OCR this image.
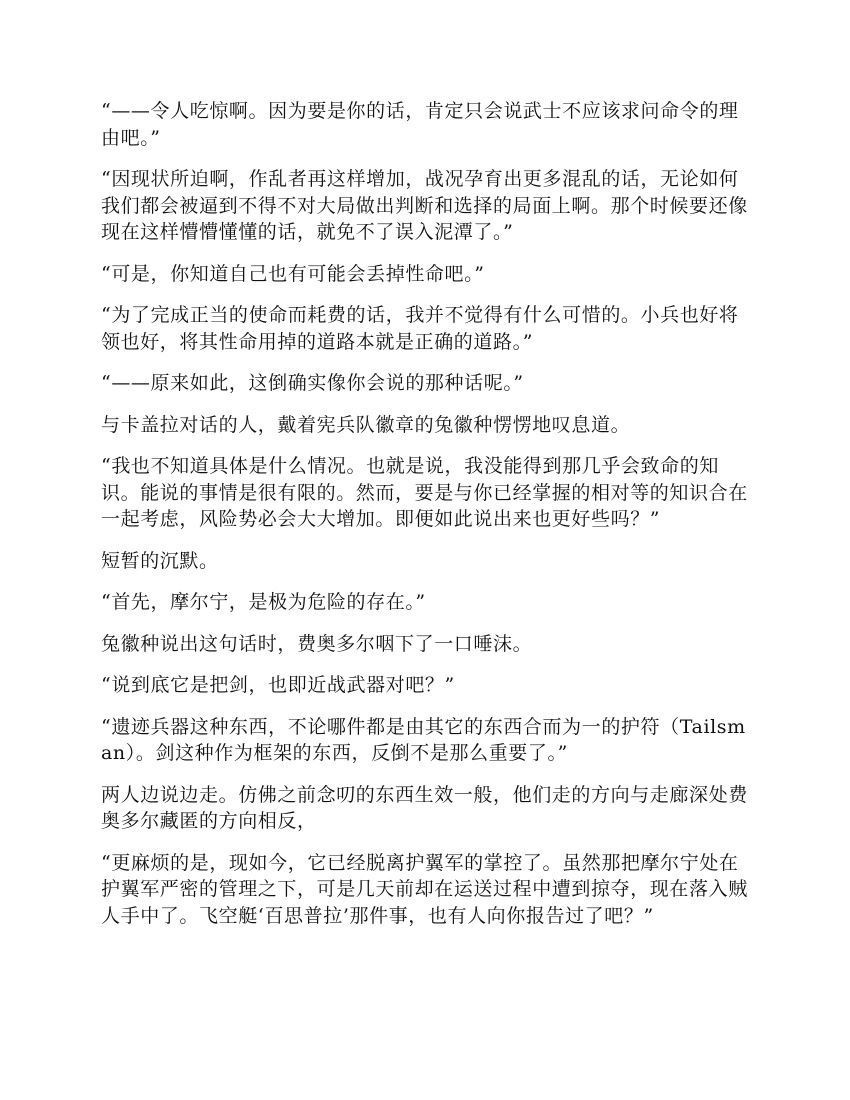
“——令人吃惊啊。因为要是你的话，肯定只会说武士不应该求问命令的理由吧。”

“因现状所迫啊，作乱者再这样增加，战况孕育出更多混乱的话，无论如何我们都会被逼到不得不对大局做出判断和选择的局面上啊。那个时候要还像现在这样懵懵懂懂的话，就免不了误入泥潭了。”

“可是，你知道自己也有可能会丢掉性命吧。”

“为了完成正当的使命而耗费的话，我并不觉得有什么可惜的。小兵也好将领也好，将其性命用掉的道路本就是正确的道路。”

“——原来如此，这倒确实像你会说的那种话呢。”

与卡盖拉对话的人，戴着宪兵队徽章的兔徽种愣愣地叹息道。

“我也不知道具体是什么情况。也就是说，我没能得到那几乎会致命的知识。能说的事情是很有限的。然而，要是与你已经掌握的相对等的知识合在一起考虑，风险势必会大大增加。即便如此说出来也更好些吗？”

短暂的沉默。

“首先，摩尔宁，是极为危险的存在。”

兔徽种说出这句话时，费奥多尔咽下了一口唾沫。

“说到底它是把剑，也即近战武器对吧？”

“遗迹兵器这种东西，不论哪件都是由其它的东西合而为一的护符（Tailsman）。剑这种作为框架的东西，反倒不是那么重要了。”

两人边说边走。仿佛之前念叨的东西生效一般，他们走的方向与走廊深处费奥多尔藏匿的方向相反，

“更麻烦的是，现如今，它已经脱离护翼军的掌控了。虽然那把摩尔宁处在护翼军严密的管理之下，可是几天前却在运送过程中遭到掠夺，现在落入贼人手中了。飞空艇‘百思普拉’那件事，也有人向你报告过了吧？”
